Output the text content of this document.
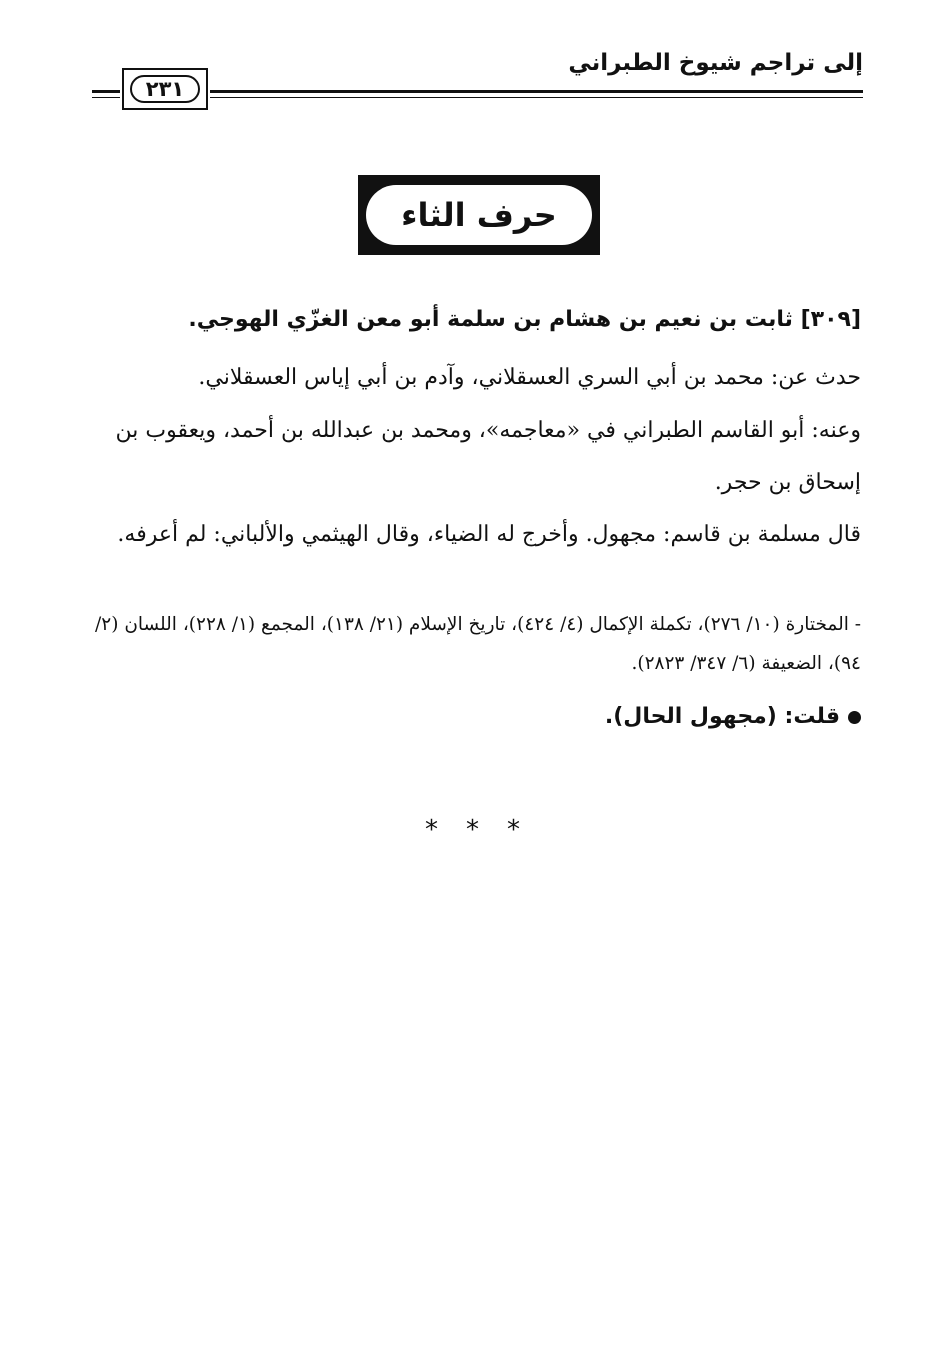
إلى تراجم شيوخ الطبراني
٢٣١
حرف الثاء
[٣٠٩] ثابت بن نعيم بن هشام بن سلمة أبو معن الغزّي الهوجي.
حدث عن: محمد بن أبي السري العسقلاني، وآدم بن أبي إياس العسقلاني.
وعنه: أبو القاسم الطبراني في «معاجمه»، ومحمد بن عبدالله بن أحمد، ويعقوب بن إسحاق بن حجر.
قال مسلمة بن قاسم: مجهول. وأخرج له الضياء، وقال الهيثمي والألباني: لم أعرفه.
- المختارة (١٠/ ٢٧٦)، تكملة الإكمال (٤/ ٤٢٤)، تاريخ الإسلام (٢١/ ١٣٨)، المجمع (١/ ٢٢٨)، اللسان (٢/ ٩٤)، الضعيفة (٦/ ٣٤٧/ ٢٨٢٣).
قلت: (مجهول الحال).
***
